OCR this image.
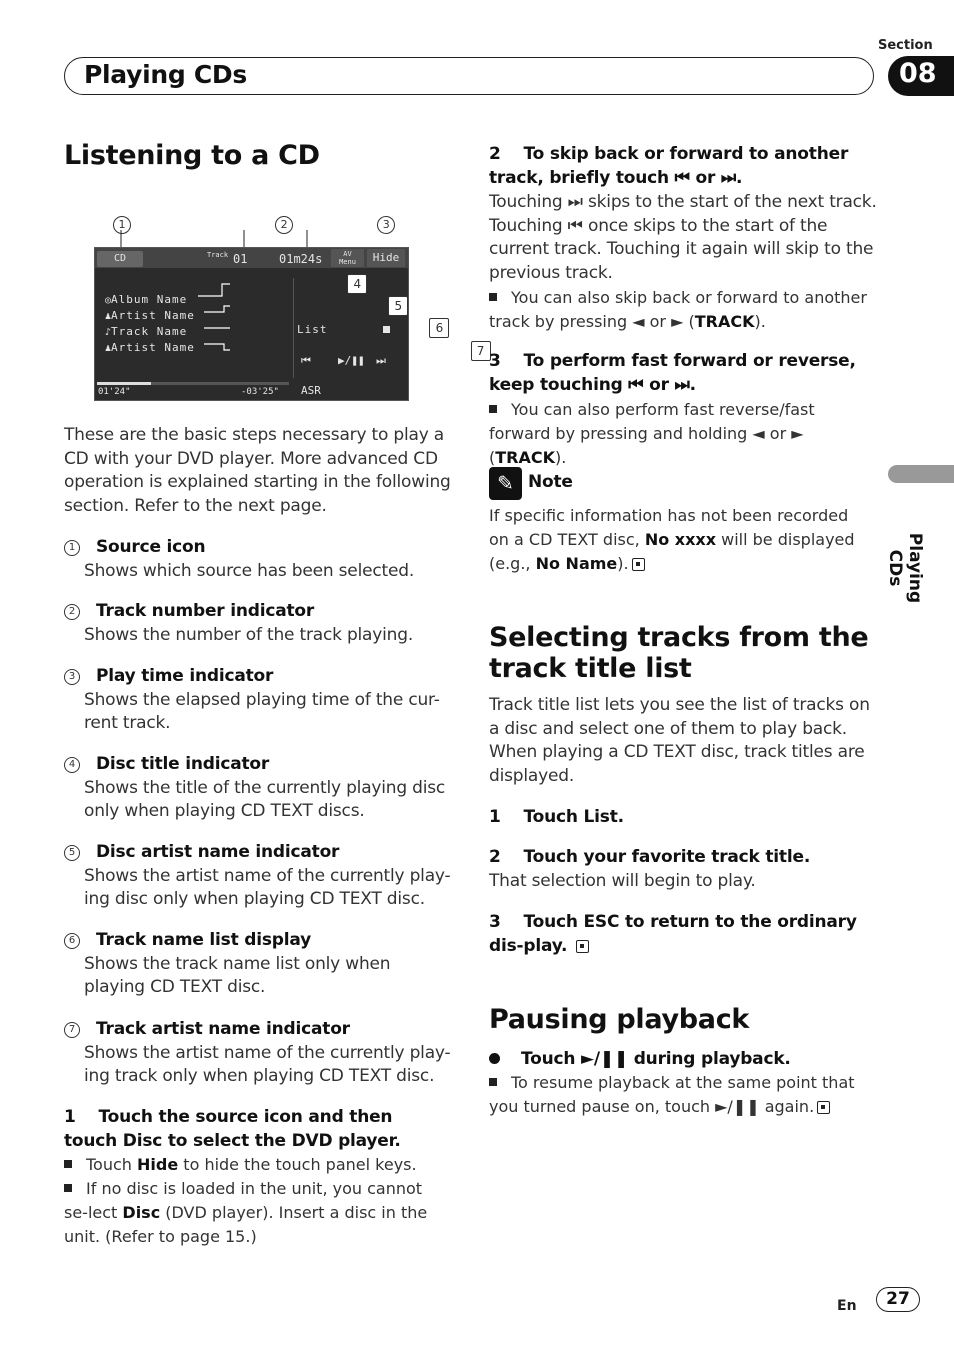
Section
Playing CDs	08
Playing CDs
Listening to a CD
1	2	3
CD	Track 01	01m24s	AV
Menu	Hide
◎Album Name
♟Artist Name
♪Track Name
♟Artist Name
List
⏮ ▶/❚❚ ⏭
01'24"	-03'25" ASR
4 5 6 7
These are the basic steps necessary to play a CD with your DVD player. More advanced CD operation is explained starting in the following section. Refer to the next page.
1 Source icon
Shows which source has been selected.
2 Track number indicator
Shows the number of the track playing.
3 Play time indicator
Shows the elapsed playing time of the cur-rent track.
4 Disc title indicator
Shows the title of the currently playing disc only when playing CD TEXT discs.
5 Disc artist name indicator
Shows the artist name of the currently play-ing disc only when playing CD TEXT disc.
6 Track name list display
Shows the track name list only when playing CD TEXT disc.
7 Track artist name indicator
Shows the artist name of the currently play-ing track only when playing CD TEXT disc.
1    Touch the source icon and then touch Disc to select the DVD player.
Touch Hide to hide the touch panel keys.
If no disc is loaded in the unit, you cannot se-lect Disc (DVD player). Insert a disc in the unit. (Refer to page 15.)
2    To skip back or forward to another track, briefly touch ⏮ or ⏭.
Touching ⏭ skips to the start of the next track. Touching ⏮ once skips to the start of the current track. Touching it again will skip to the previous track.
You can also skip back or forward to another track by pressing ◄ or ► (TRACK).
3    To perform fast forward or reverse, keep touching ⏮ or ⏭.
You can also perform fast reverse/fast forward by pressing and holding ◄ or ► (TRACK).
✎ Note
If specific information has not been recorded on a CD TEXT disc, No xxxx will be displayed (e.g., No Name).
Selecting tracks from the track title list
Track title list lets you see the list of tracks on a disc and select one of them to play back. When playing a CD TEXT disc, track titles are displayed.
1    Touch List.
2    Touch your favorite track title.
That selection will begin to play.
3    Touch ESC to return to the ordinary dis-play.
Pausing playback
Touch ►/❚❚ during playback.
To resume playback at the same point that you turned pause on, touch ►/❚❚ again.
En	27
